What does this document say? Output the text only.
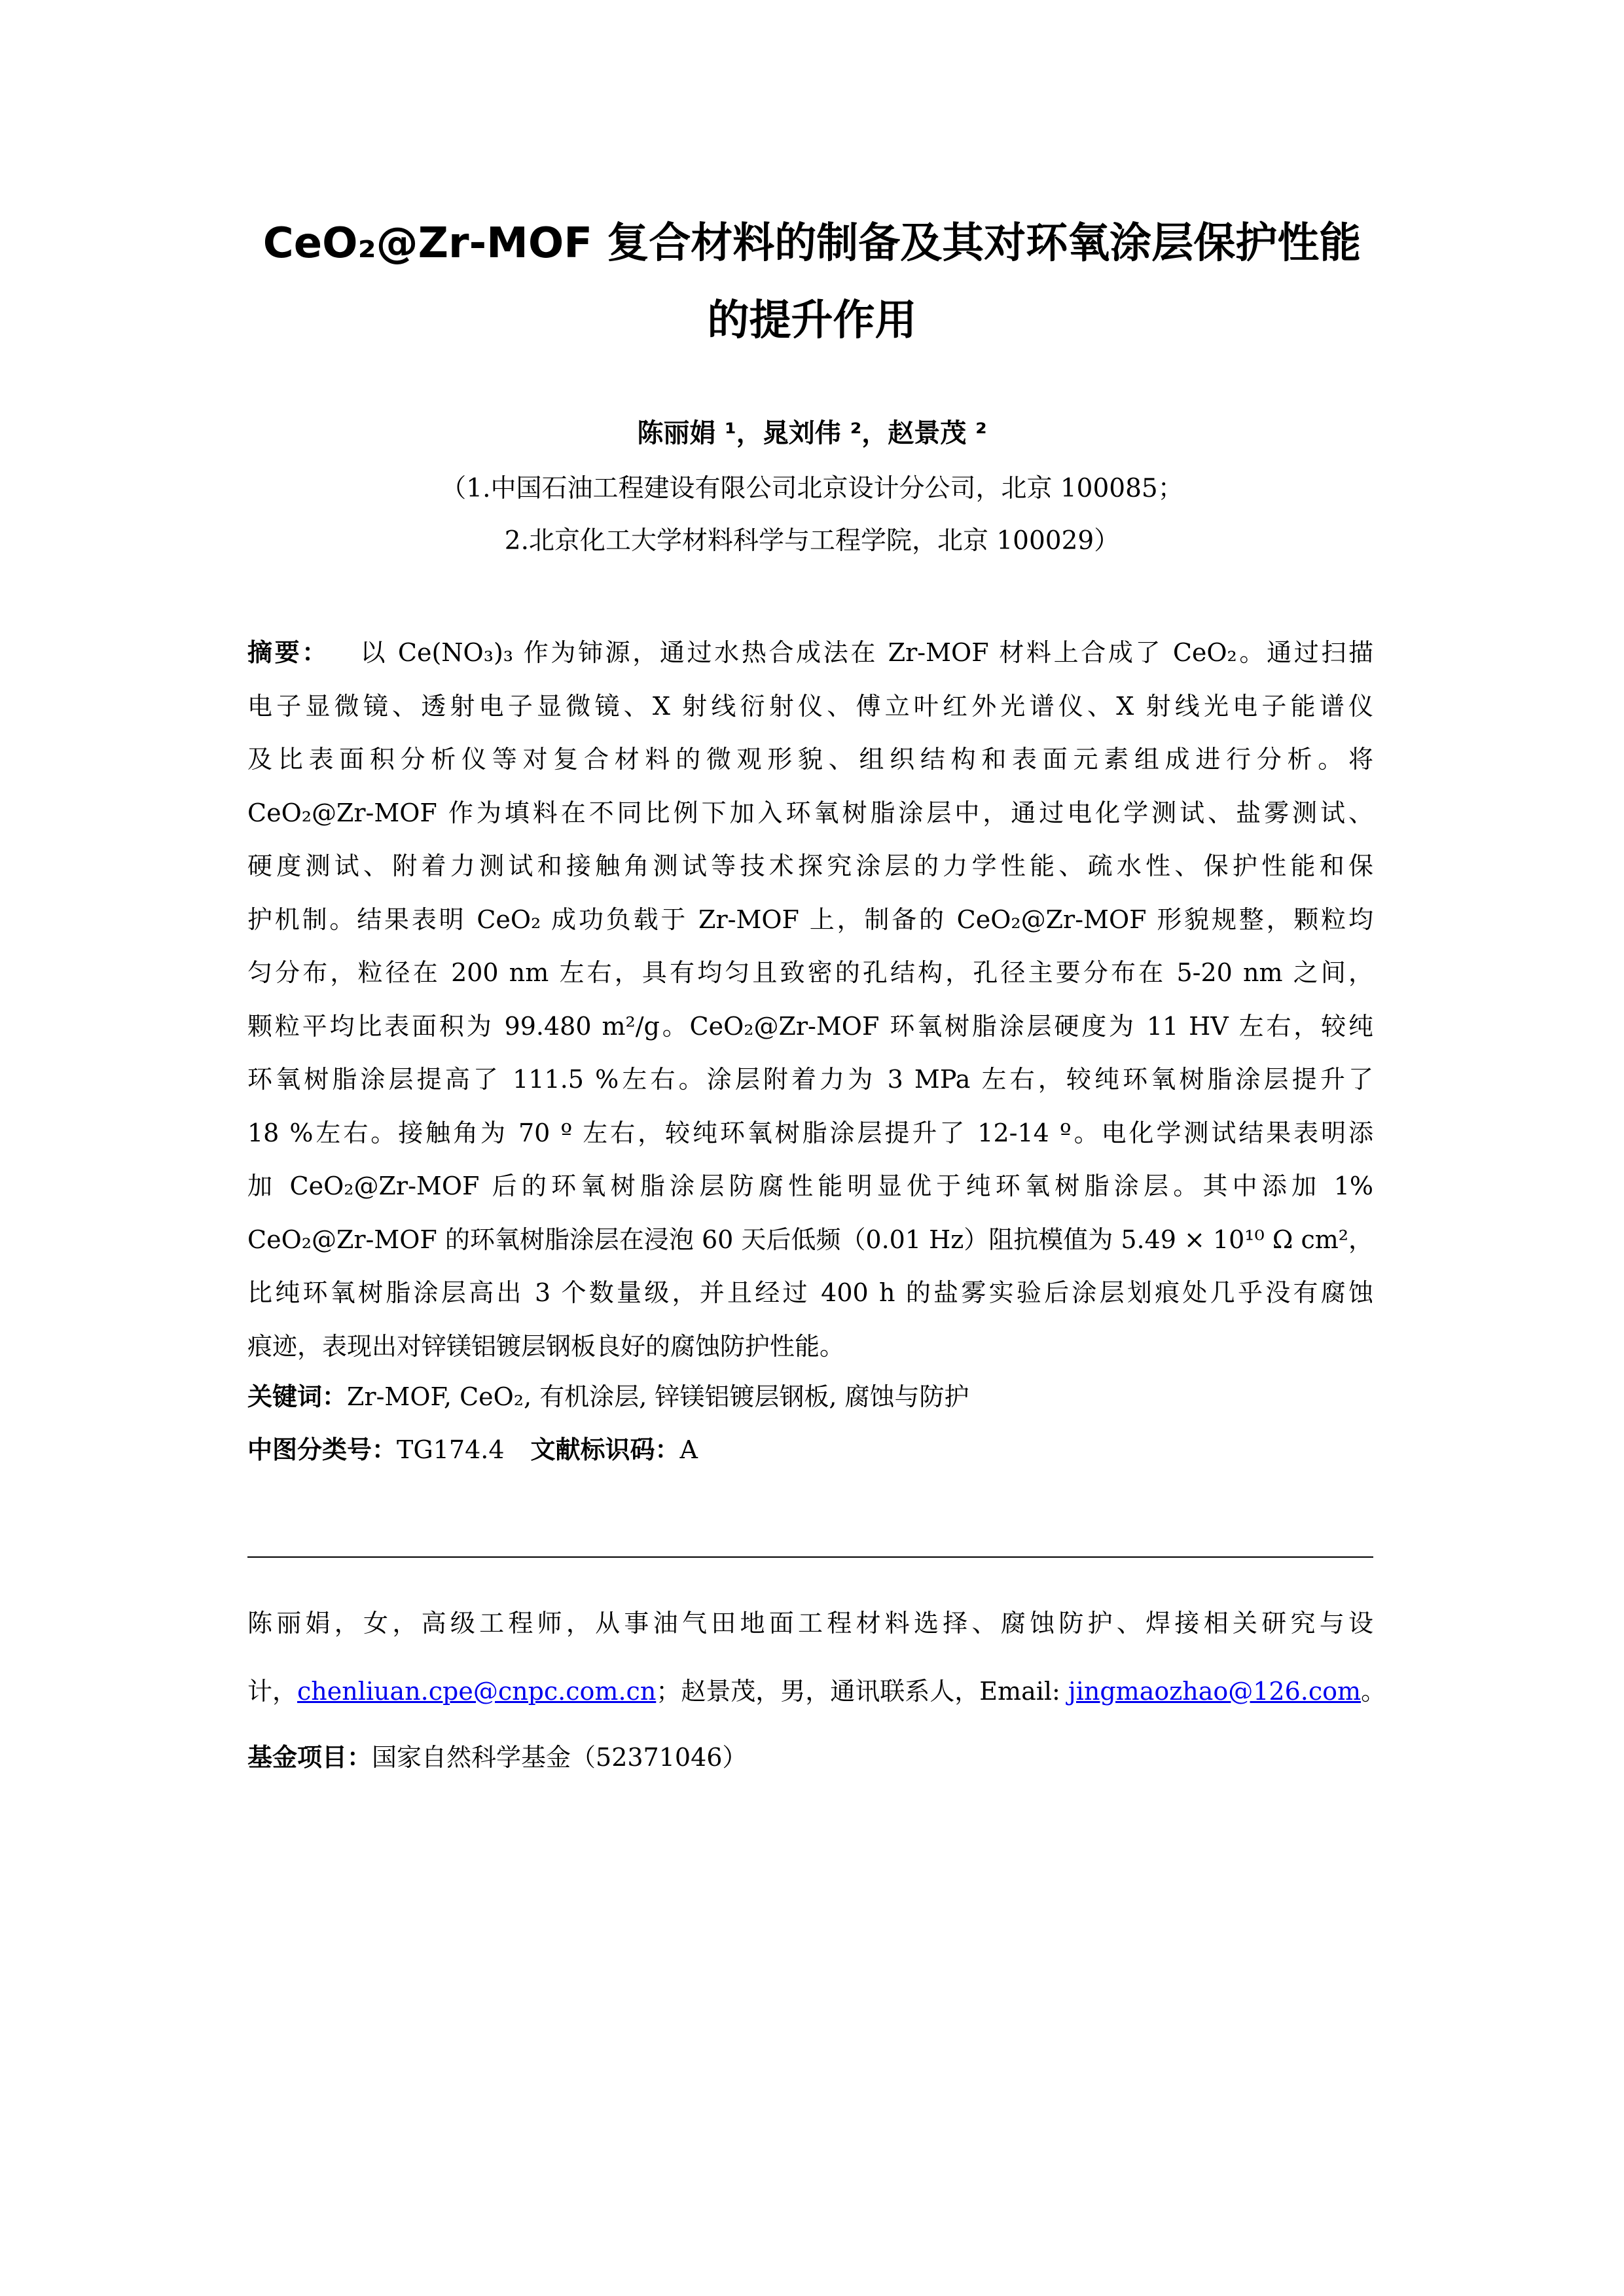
CeO₂@Zr-MOF 复合材料的制备及其对环氧涂层保护性能
的提升作用
陈丽娟 ¹，晁刘伟 ²，赵景茂 ²
（1.中国石油工程建设有限公司北京设计分公司，北京 100085；
2.北京化工大学材料科学与工程学院，北京 100029）
摘要： 以 Ce(NO₃)₃ 作为铈源，通过水热合成法在 Zr-MOF 材料上合成了 CeO₂。通过扫描
电子显微镜、透射电子显微镜、X 射线衍射仪、傅立叶红外光谱仪、X 射线光电子能谱仪
及比表面积分析仪等对复合材料的微观形貌、组织结构和表面元素组成进行分析。将
CeO₂@Zr-MOF 作为填料在不同比例下加入环氧树脂涂层中，通过电化学测试、盐雾测试、
硬度测试、附着力测试和接触角测试等技术探究涂层的力学性能、疏水性、保护性能和保
护机制。结果表明 CeO₂ 成功负载于 Zr-MOF 上，制备的 CeO₂@Zr-MOF 形貌规整，颗粒均
匀分布，粒径在 200 nm 左右，具有均匀且致密的孔结构，孔径主要分布在 5-20 nm 之间，
颗粒平均比表面积为 99.480 m²/g。CeO₂@Zr-MOF 环氧树脂涂层硬度为 11 HV 左右，较纯
环氧树脂涂层提高了 111.5 %左右。涂层附着力为 3 MPa 左右，较纯环氧树脂涂层提升了
18 %左右。接触角为 70 º 左右，较纯环氧树脂涂层提升了 12-14 º。电化学测试结果表明添
加 CeO₂@Zr-MOF 后的环氧树脂涂层防腐性能明显优于纯环氧树脂涂层。其中添加 1%
CeO₂@Zr-MOF 的环氧树脂涂层在浸泡 60 天后低频（0.01 Hz）阻抗模值为 5.49 × 10¹⁰ Ω cm²，
比纯环氧树脂涂层高出 3 个数量级，并且经过 400 h 的盐雾实验后涂层划痕处几乎没有腐蚀
痕迹，表现出对锌镁铝镀层钢板良好的腐蚀防护性能。
关键词：Zr-MOF, CeO₂, 有机涂层, 锌镁铝镀层钢板, 腐蚀与防护
中图分类号：TG174.4 文献标识码：A
陈丽娟，女，高级工程师，从事油气田地面工程材料选择、腐蚀防护、焊接相关研究与设
计，chenliuan.cpe@cnpc.com.cn；赵景茂，男，通讯联系人，Email: jingmaozhao@126.com。
基金项目：国家自然科学基金（52371046）
